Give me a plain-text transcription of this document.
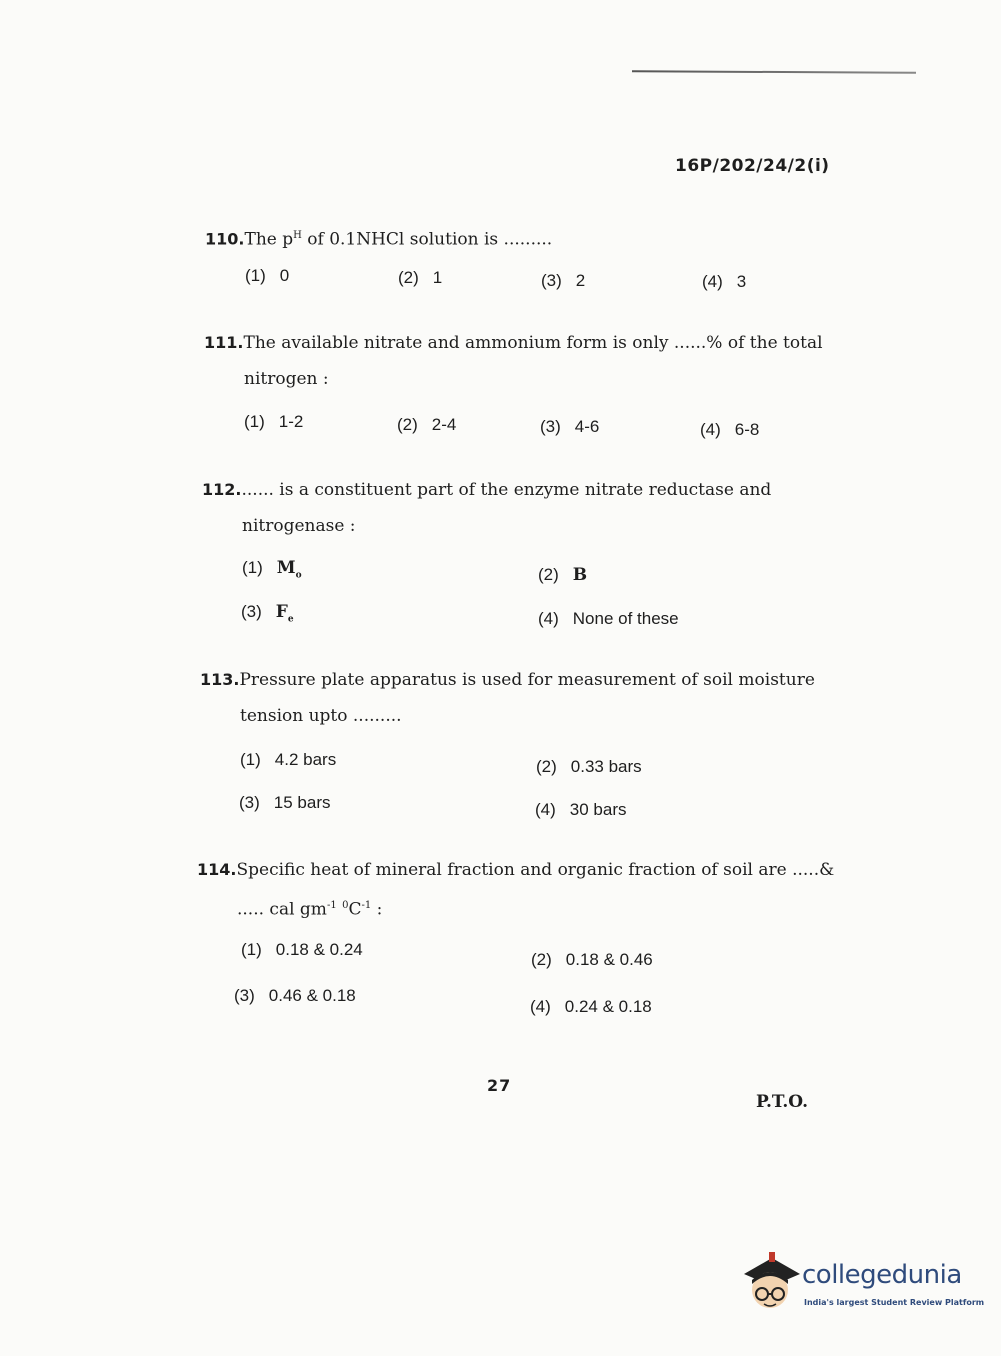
16P/202/24/2(i)
110.The $p^H$ of 0.1NHCl solution is .........
(1) 0	(2) 1	(3) 2	(4) 3
111.The available nitrate and ammonium form is only ......% of the total
nitrogen :
(1) 1-2	(2) 2-4	(3) 4-6	(4) 6-8
112....... is a constituent part of the enzyme nitrate reductase and
nitrogenase :
(1) $M_o$	(2) B
(3) $F_e$	(4) None of these
113.Pressure plate apparatus is used for measurement of soil moisture
tension upto .........
(1) 4.2 bars	(2) 0.33 bars
(3) 15 bars	(4) 30 bars
114.Specific heat of mineral fraction and organic fraction of soil are .....&
..... cal $gm^{-1}$ $^0C^{-1}$ :
(1) 0.18 & 0.24
(2) 0.18 & 0.46
(3) 0.46 & 0.18
(4) 0.24 & 0.18
27
P.T.O.
collegedunia
India's largest Student Review Platform
